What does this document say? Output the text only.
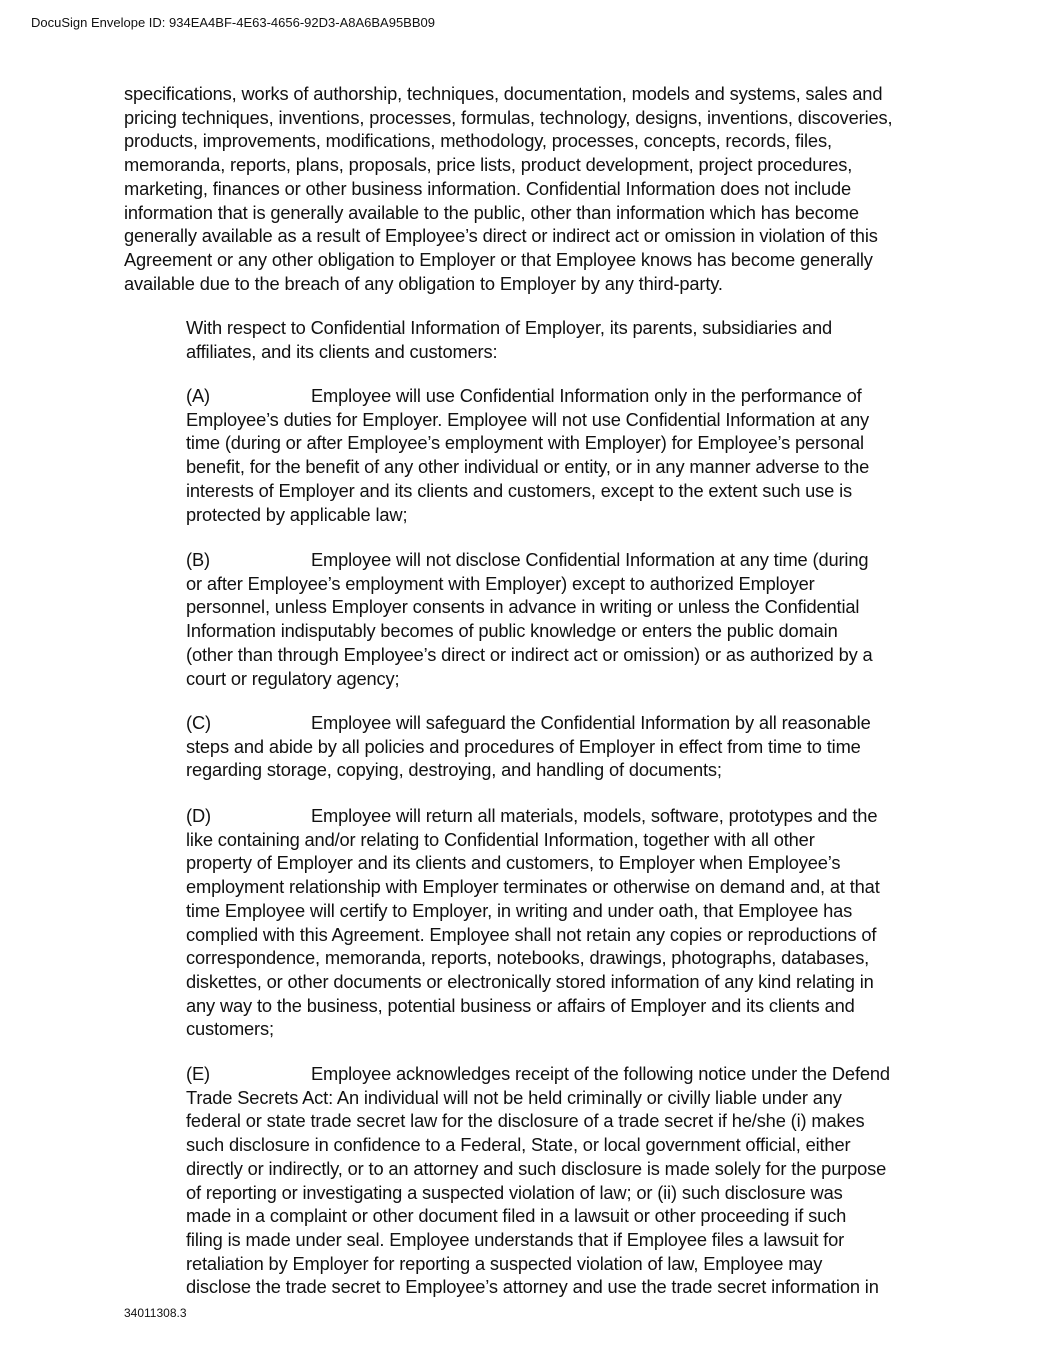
DocuSign Envelope ID: 934EA4BF-4E63-4656-92D3-A8A6BA95BB09
specifications, works of authorship, techniques, documentation, models and systems, sales and
pricing techniques, inventions, processes, formulas, technology, designs, inventions, discoveries,
products, improvements, modifications, methodology, processes, concepts, records, files,
memoranda, reports, plans, proposals, price lists, product development, project procedures,
marketing, finances or other business information. Confidential Information does not include
information that is generally available to the public, other than information which has become
generally available as a result of Employee’s direct or indirect act or omission in violation of this
Agreement or any other obligation to Employer or that Employee knows has become generally
available due to the breach of any obligation to Employer by any third-party.
With respect to Confidential Information of Employer, its parents, subsidiaries and
affiliates, and its clients and customers:
(A)	Employee will use Confidential Information only in the performance of
Employee’s duties for Employer. Employee will not use Confidential Information at any
time (during or after Employee’s employment with Employer) for Employee’s personal
benefit, for the benefit of any other individual or entity, or in any manner adverse to the
interests of Employer and its clients and customers, except to the extent such use is
protected by applicable law;
(B)	Employee will not disclose Confidential Information at any time (during
or after Employee’s employment with Employer) except to authorized Employer
personnel, unless Employer consents in advance in writing or unless the Confidential
Information indisputably becomes of public knowledge or enters the public domain
(other than through Employee’s direct or indirect act or omission) or as authorized by a
court or regulatory agency;
(C)	Employee will safeguard the Confidential Information by all reasonable
steps and abide by all policies and procedures of Employer in effect from time to time
regarding storage, copying, destroying, and handling of documents;
(D)	Employee will return all materials, models, software, prototypes and the
like containing and/or relating to Confidential Information, together with all other
property of Employer and its clients and customers, to Employer when Employee’s
employment relationship with Employer terminates or otherwise on demand and, at that
time Employee will certify to Employer, in writing and under oath, that Employee has
complied with this Agreement. Employee shall not retain any copies or reproductions of
correspondence, memoranda, reports, notebooks, drawings, photographs, databases,
diskettes, or other documents or electronically stored information of any kind relating in
any way to the business, potential business or affairs of Employer and its clients and
customers;
(E)	Employee acknowledges receipt of the following notice under the Defend
Trade Secrets Act: An individual will not be held criminally or civilly liable under any
federal or state trade secret law for the disclosure of a trade secret if he/she (i) makes
such disclosure in confidence to a Federal, State, or local government official, either
directly or indirectly, or to an attorney and such disclosure is made solely for the purpose
of reporting or investigating a suspected violation of law; or (ii) such disclosure was
made in a complaint or other document filed in a lawsuit or other proceeding if such
filing is made under seal. Employee understands that if Employee files a lawsuit for
retaliation by Employer for reporting a suspected violation of law, Employee may
disclose the trade secret to Employee’s attorney and use the trade secret information in
34011308.3
